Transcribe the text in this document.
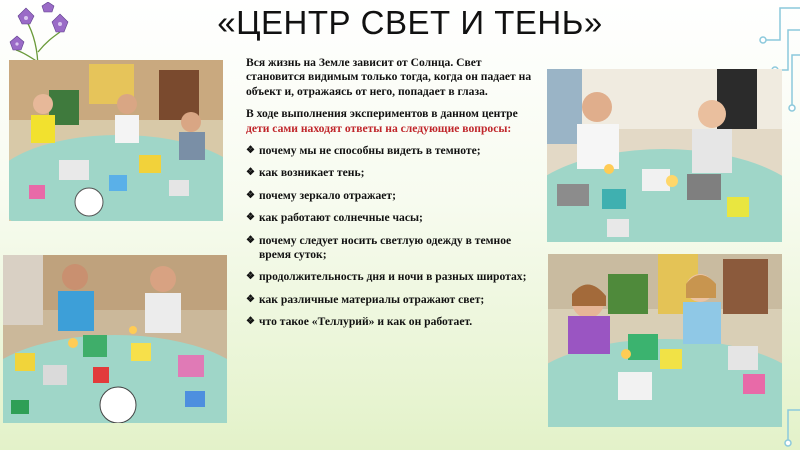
«ЦЕНТР СВЕТ И ТЕНЬ»

Вся жизнь на Земле зависит от Солнца. Свет становится видимым только тогда, когда он падает на объект и, отражаясь от него, попадает в глаза.

В ходе выполнения экспериментов в данном центре дети сами находят ответы на следующие вопросы:

❖ почему мы не способны видеть в темноте;
❖ как возникает тень;
❖ почему зеркало отражает;
❖ как работают солнечные часы;
❖ почему следует носить светлую одежду в темное время суток;
❖ продолжительность дня и ночи в разных широтах;
❖ как различные материалы отражают свет;
❖ что такое «Теллурий» и как он работает.
